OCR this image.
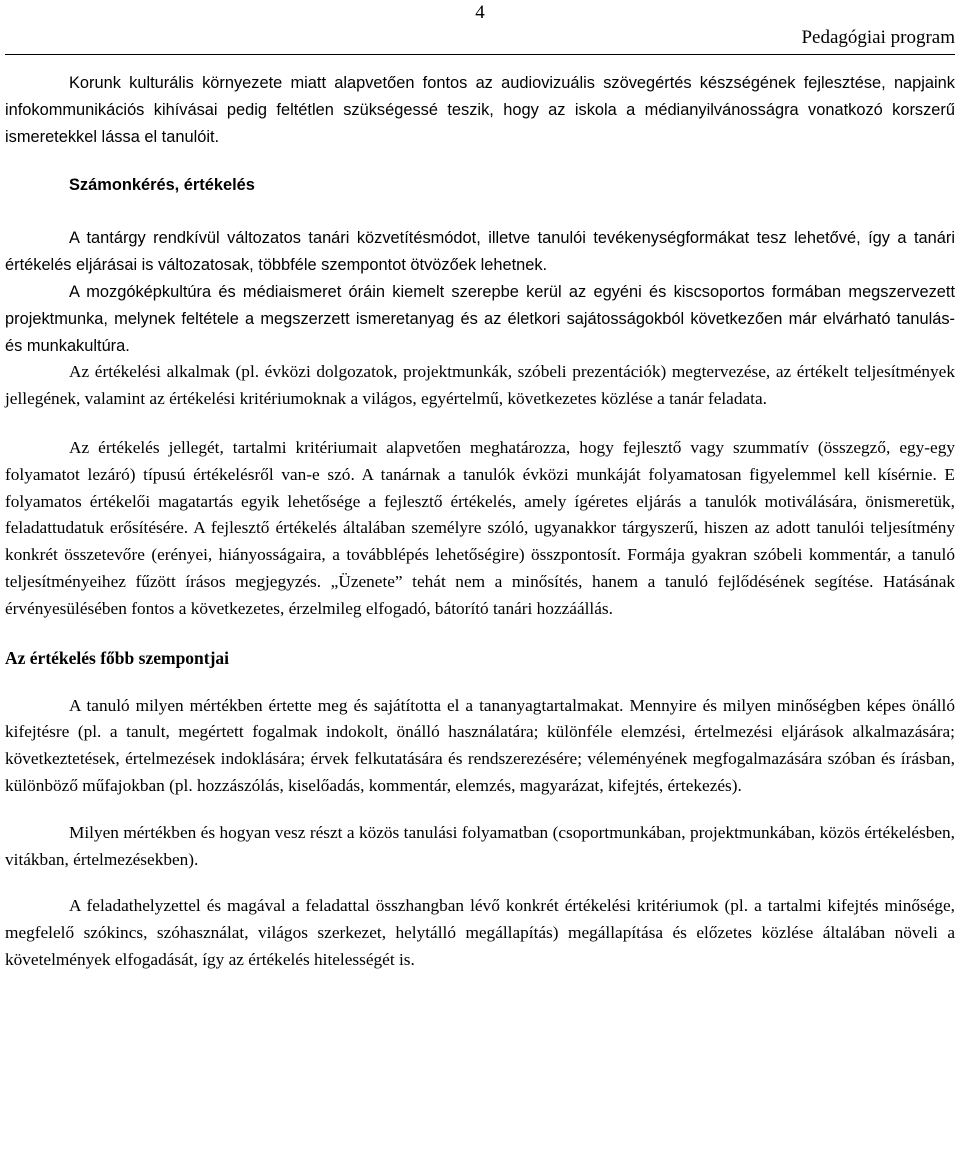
4
Pedagógiai program

Korunk kulturális környezete miatt alapvetően fontos az audiovizuális szövegértés készségének fejlesztése, napjaink infokommunikációs kihívásai pedig feltétlen szükségessé teszik, hogy az iskola a médianyilvánosságra vonatkozó korszerű ismeretekkel lássa el tanulóit.

Számonkérés, értékelés

A tantárgy rendkívül változatos tanári közvetítésmódot, illetve tanulói tevékenységformákat tesz lehetővé, így a tanári értékelés eljárásai is változatosak, többféle szempontot ötvözőek lehetnek.

A mozgóképkultúra és médiaismeret óráin kiemelt szerepbe kerül az egyéni és kiscsoportos formában megszervezett projektmunka, melynek feltétele a megszerzett ismeretanyag és az életkori sajátosságokból következően már elvárható tanulás- és munkakultúra.

Az értékelési alkalmak (pl. évközi dolgozatok, projektmunkák, szóbeli prezentációk) megtervezése, az értékelt teljesítmények jellegének, valamint az értékelési kritériumoknak a világos, egyértelmű, következetes közlése a tanár feladata.

Az értékelés jellegét, tartalmi kritériumait alapvetően meghatározza, hogy fejlesztő vagy szummatív (összegző, egy-egy folyamatot lezáró) típusú értékelésről van-e szó. A tanárnak a tanulók évközi munkáját folyamatosan figyelemmel kell kísérnie. E folyamatos értékelői magatartás egyik lehetősége a fejlesztő értékelés, amely ígéretes eljárás a tanulók motiválására, önismeretük, feladattudatuk erősítésére. A fejlesztő értékelés általában személyre szóló, ugyanakkor tárgyszerű, hiszen az adott tanulói teljesítmény konkrét összetevőre (erényei, hiányosságaira, a továbblépés lehetőségire) összpontosít. Formája gyakran szóbeli kommentár, a tanuló teljesítményeihez fűzött írásos megjegyzés. „Üzenete” tehát nem a minősítés, hanem a tanuló fejlődésének segítése. Hatásának érvényesülésében fontos a következetes, érzelmileg elfogadó, bátorító tanári hozzáállás.

Az értékelés főbb szempontjai

A tanuló milyen mértékben értette meg és sajátította el a tananyagtartalmakat. Mennyire és milyen minőségben képes önálló kifejtésre (pl. a tanult, megértett fogalmak indokolt, önálló használatára; különféle elemzési, értelmezési eljárások alkalmazására; következtetések, értelmezések indoklására; érvek felkutatására és rendszerezésére; véleményének megfogalmazására szóban és írásban, különböző műfajokban (pl. hozzászólás, kiselőadás, kommentár, elemzés, magyarázat, kifejtés, értekezés).

Milyen mértékben és hogyan vesz részt a közös tanulási folyamatban (csoportmunkában, projektmunkában, közös értékelésben, vitákban, értelmezésekben).

A feladathelyzettel és magával a feladattal összhangban lévő konkrét értékelési kritériumok (pl. a tartalmi kifejtés minősége, megfelelő szókincs, szóhasználat, világos szerkezet, helytálló megállapítás) megállapítása és előzetes közlése általában növeli a követelmények elfogadását, így az értékelés hitelességét is.
